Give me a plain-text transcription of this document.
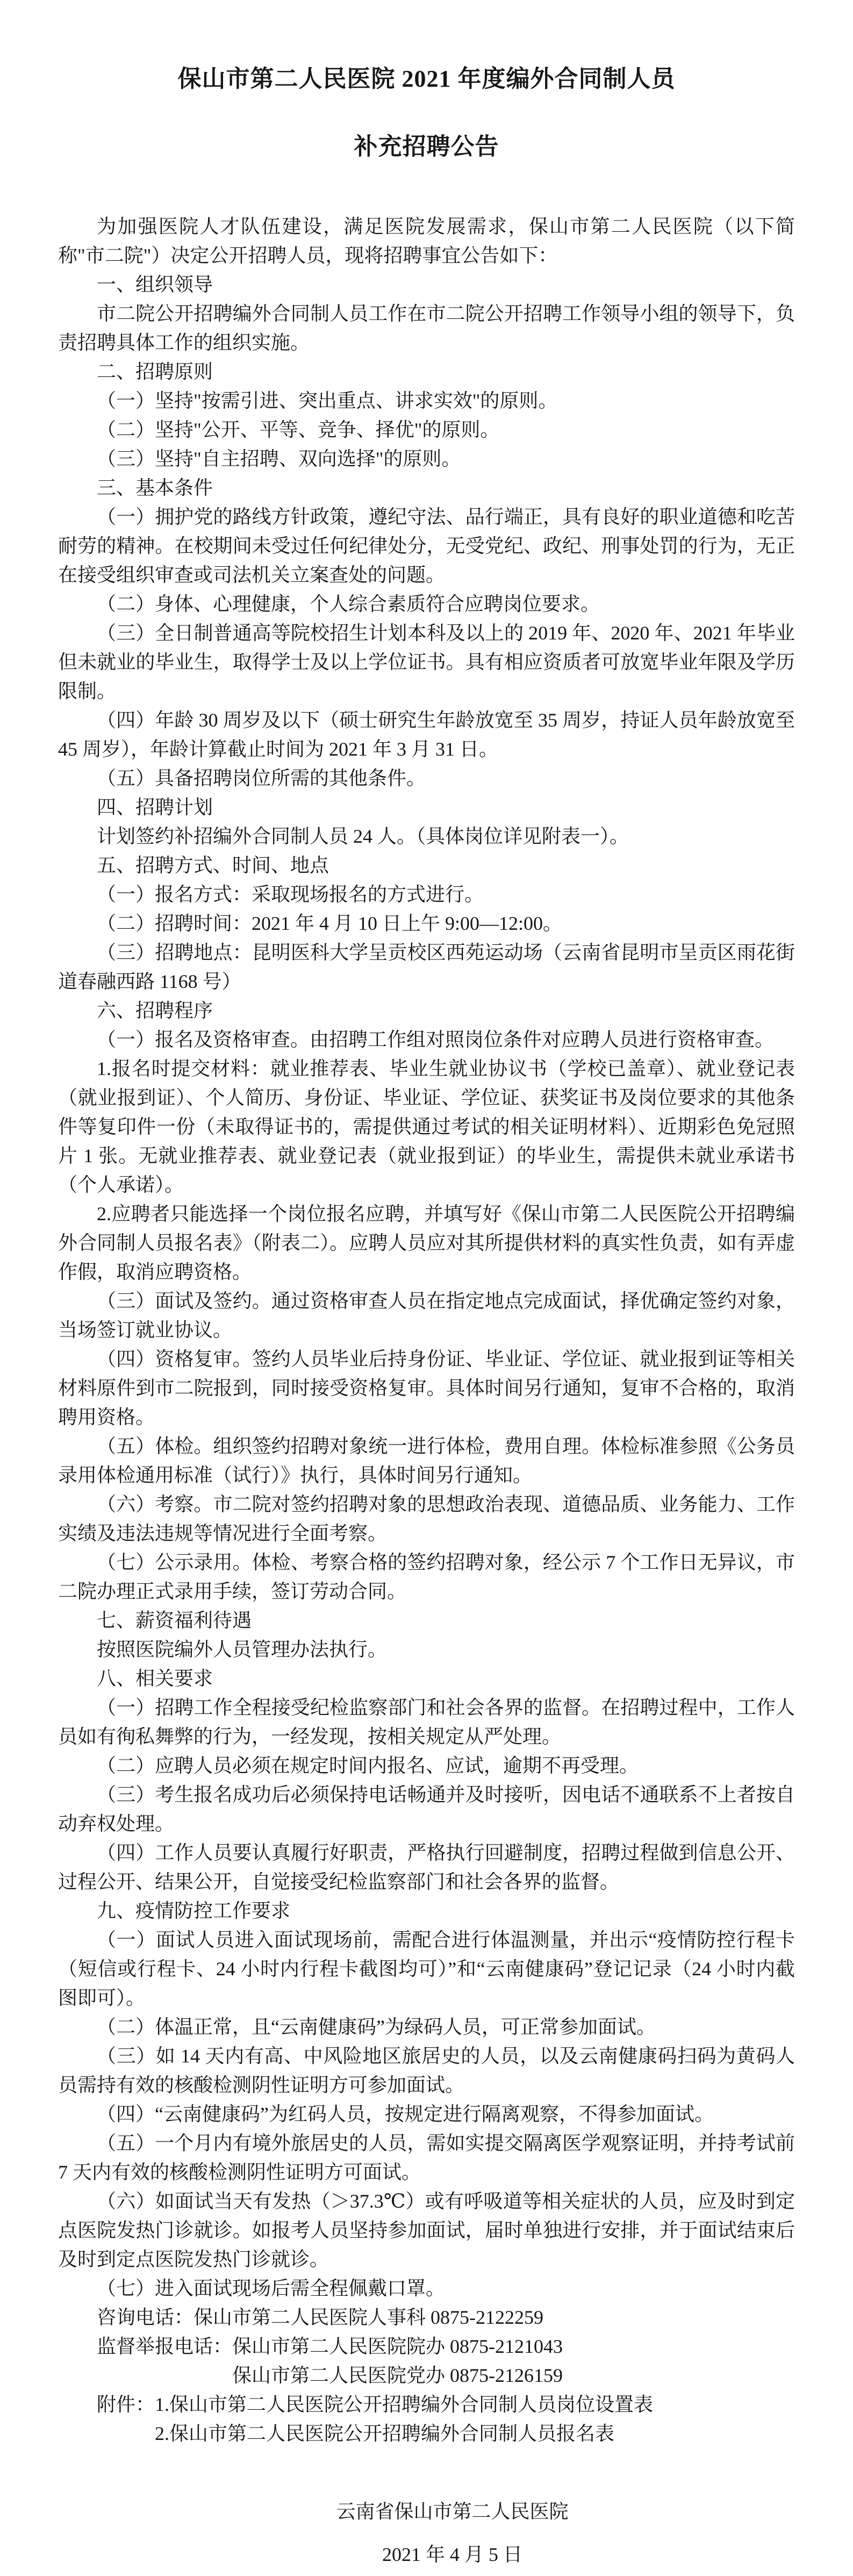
保山市第二人民医院 2021 年度编外合同制人员
补充招聘公告

为加强医院人才队伍建设，满足医院发展需求，保山市第二人民医院（以下简称"市二院"）决定公开招聘人员，现将招聘事宜公告如下：

一、组织领导

市二院公开招聘编外合同制人员工作在市二院公开招聘工作领导小组的领导下，负责招聘具体工作的组织实施。

二、招聘原则

（一）坚持"按需引进、突出重点、讲求实效"的原则。

（二）坚持"公开、平等、竞争、择优"的原则。

（三）坚持"自主招聘、双向选择"的原则。

三、基本条件

（一）拥护党的路线方针政策，遵纪守法、品行端正，具有良好的职业道德和吃苦耐劳的精神。在校期间未受过任何纪律处分，无受党纪、政纪、刑事处罚的行为，无正在接受组织审查或司法机关立案查处的问题。

（二）身体、心理健康，个人综合素质符合应聘岗位要求。

（三）全日制普通高等院校招生计划本科及以上的 2019 年、2020 年、2021 年毕业但未就业的毕业生，取得学士及以上学位证书。具有相应资质者可放宽毕业年限及学历限制。

（四）年龄 30 周岁及以下（硕士研究生年龄放宽至 35 周岁，持证人员年龄放宽至 45 周岁），年龄计算截止时间为 2021 年 3 月 31 日。

（五）具备招聘岗位所需的其他条件。

四、招聘计划

计划签约补招编外合同制人员 24 人。（具体岗位详见附表一）。

五、招聘方式、时间、地点

（一）报名方式：采取现场报名的方式进行。

（二）招聘时间：2021 年 4 月 10 日上午 9:00—12:00。

（三）招聘地点：昆明医科大学呈贡校区西苑运动场（云南省昆明市呈贡区雨花街道春融西路 1168 号）

六、招聘程序

（一）报名及资格审查。由招聘工作组对照岗位条件对应聘人员进行资格审查。

1.报名时提交材料：就业推荐表、毕业生就业协议书（学校已盖章）、就业登记表（就业报到证）、个人简历、身份证、毕业证、学位证、获奖证书及岗位要求的其他条件等复印件一份（未取得证书的，需提供通过考试的相关证明材料）、近期彩色免冠照片 1 张。无就业推荐表、就业登记表（就业报到证）的毕业生，需提供未就业承诺书（个人承诺）。

2.应聘者只能选择一个岗位报名应聘，并填写好《保山市第二人民医院公开招聘编外合同制人员报名表》（附表二）。应聘人员应对其所提供材料的真实性负责，如有弄虚作假，取消应聘资格。

（三）面试及签约。通过资格审查人员在指定地点完成面试，择优确定签约对象，当场签订就业协议。

（四）资格复审。签约人员毕业后持身份证、毕业证、学位证、就业报到证等相关材料原件到市二院报到，同时接受资格复审。具体时间另行通知，复审不合格的，取消聘用资格。

（五）体检。组织签约招聘对象统一进行体检，费用自理。体检标准参照《公务员录用体检通用标准（试行）》执行，具体时间另行通知。

（六）考察。市二院对签约招聘对象的思想政治表现、道德品质、业务能力、工作实绩及违法违规等情况进行全面考察。

（七）公示录用。体检、考察合格的签约招聘对象，经公示 7 个工作日无异议，市二院办理正式录用手续，签订劳动合同。

七、薪资福利待遇

按照医院编外人员管理办法执行。

八、相关要求

（一）招聘工作全程接受纪检监察部门和社会各界的监督。在招聘过程中，工作人员如有徇私舞弊的行为，一经发现，按相关规定从严处理。

（二）应聘人员必须在规定时间内报名、应试，逾期不再受理。

（三）考生报名成功后必须保持电话畅通并及时接听，因电话不通联系不上者按自动弃权处理。

（四）工作人员要认真履行好职责，严格执行回避制度，招聘过程做到信息公开、过程公开、结果公开，自觉接受纪检监察部门和社会各界的监督。

九、疫情防控工作要求

（一）面试人员进入面试现场前，需配合进行体温测量，并出示“疫情防控行程卡（短信或行程卡、24 小时内行程卡截图均可）”和“云南健康码”登记记录（24 小时内截图即可）。

（二）体温正常，且“云南健康码”为绿码人员，可正常参加面试。

（三）如 14 天内有高、中风险地区旅居史的人员，以及云南健康码扫码为黄码人员需持有效的核酸检测阴性证明方可参加面试。

（四）“云南健康码”为红码人员，按规定进行隔离观察，不得参加面试。

（五）一个月内有境外旅居史的人员，需如实提交隔离医学观察证明，并持考试前 7 天内有效的核酸检测阴性证明方可面试。

（六）如面试当天有发热（＞37.3℃）或有呼吸道等相关症状的人员，应及时到定点医院发热门诊就诊。如报考人员坚持参加面试，届时单独进行安排，并于面试结束后及时到定点医院发热门诊就诊。

（七）进入面试现场后需全程佩戴口罩。

咨询电话：保山市第二人民医院人事科 0875-2122259

监督举报电话：保山市第二人民医院院办 0875-2121043

保山市第二人民医院党办 0875-2126159

附件：1.保山市第二人民医院公开招聘编外合同制人员岗位设置表

2.保山市第二人民医院公开招聘编外合同制人员报名表

云南省保山市第二人民医院

2021 年 4 月 5 日
